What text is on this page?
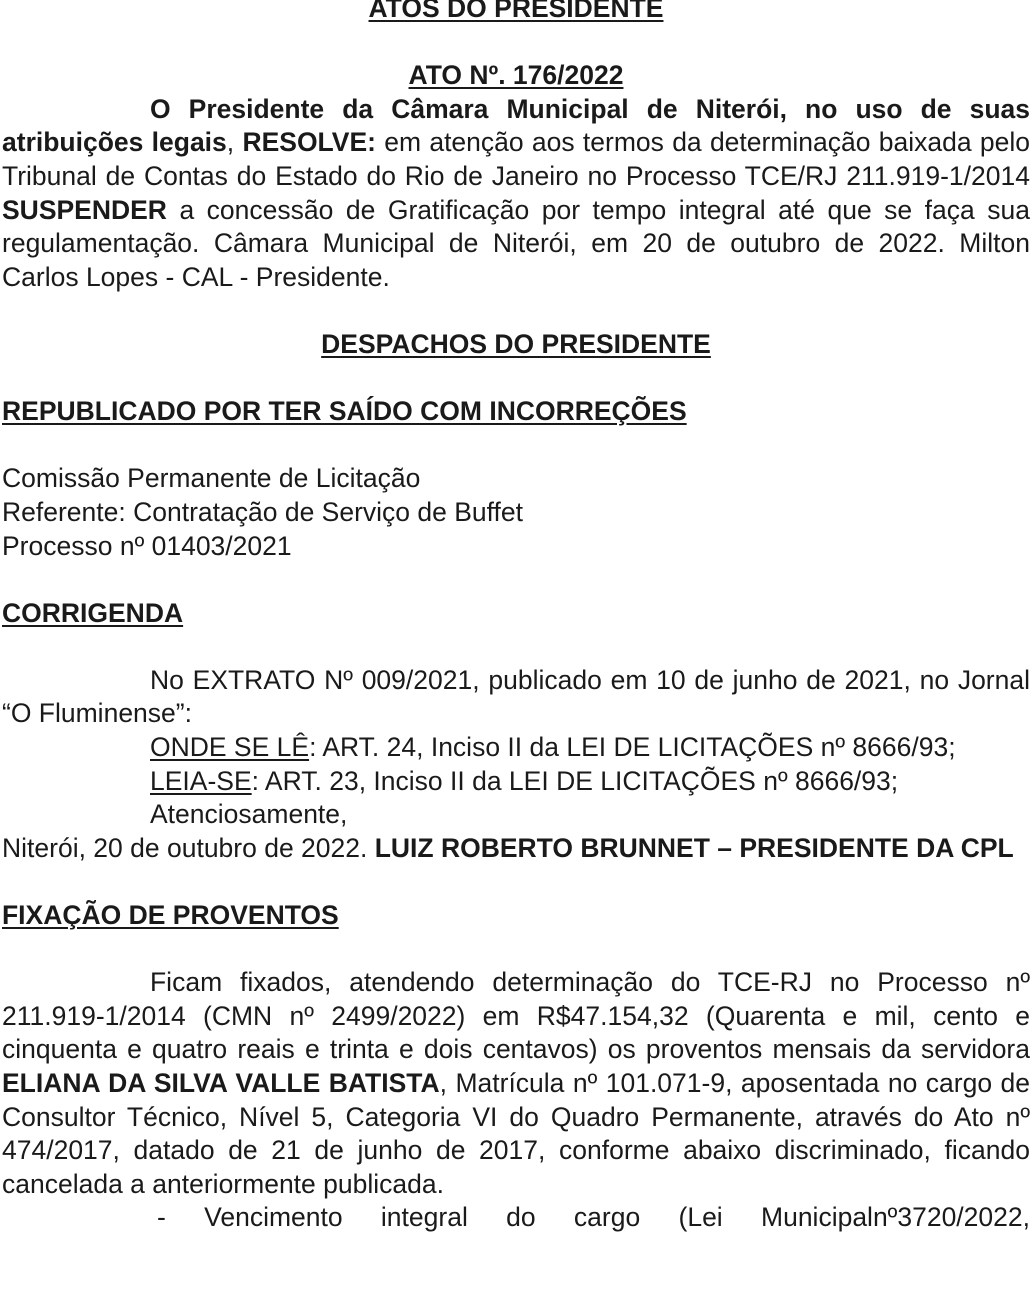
ATOS DO PRESIDENTE

ATO Nº. 176/2022

O Presidente da Câmara Municipal de Niterói, no uso de suas atribuições legais, RESOLVE: em atenção aos termos da determinação baixada pelo Tribunal de Contas do Estado do Rio de Janeiro no Processo TCE/RJ 211.919-1/2014 SUSPENDER a concessão de Gratificação por tempo integral até que se faça sua regulamentação. Câmara Municipal de Niterói, em 20 de outubro de 2022. Milton Carlos Lopes - CAL - Presidente.

DESPACHOS DO PRESIDENTE

REPUBLICADO POR TER SAÍDO COM INCORREÇÕES

Comissão Permanente de Licitação

Referente: Contratação de Serviço de Buffet

Processo nº 01403/2021

CORRIGENDA

No EXTRATO Nº 009/2021, publicado em 10 de junho de 2021, no Jornal “O Fluminense”:

ONDE SE LÊ: ART. 24, Inciso II da LEI DE LICITAÇÕES nº 8666/93;

LEIA-SE: ART. 23, Inciso II da LEI DE LICITAÇÕES nº 8666/93;

Atenciosamente,

Niterói, 20 de outubro de 2022. LUIZ ROBERTO BRUNNET – PRESIDENTE DA CPL

FIXAÇÃO DE PROVENTOS

Ficam fixados, atendendo determinação do TCE-RJ no Processo nº 211.919-1/2014 (CMN nº 2499/2022) em R$47.154,32 (Quarenta e mil, cento e cinquenta e quatro reais e trinta e dois centavos) os proventos mensais da servidora ELIANA DA SILVA VALLE BATISTA, Matrícula nº 101.071-9, aposentada no cargo de Consultor Técnico, Nível 5, Categoria VI do Quadro Permanente, através do Ato nº 474/2017, datado de 21 de junho de 2017, conforme abaixo discriminado, ficando cancelada a anteriormente publicada.

- Vencimento integral do cargo (Lei Municipalnº3720/2022,
